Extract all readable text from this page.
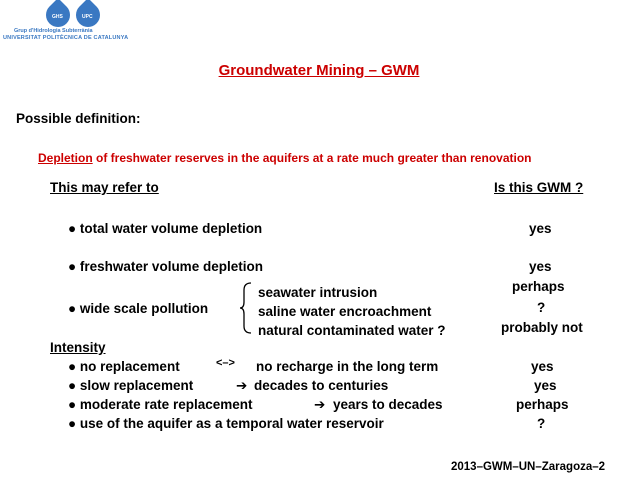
GHS	UPC
Grup d'Hidrologia Subterrània
UNIVERSITAT POLITÈCNICA DE CATALUNYA
Groundwater Mining – GWM
Possible definition:
Depletion of freshwater reserves in the aquifers at a rate much greater than renovation
This may refer to	Is this GWM ?
● total water volume depletion	yes
● freshwater volume depletion	yes
● wide scale pollution
seawater intrusion	perhaps
saline water encroachment	?
natural contaminated water ?	probably not
Intensity
● no replacement	<–> no recharge in the long term	yes
● slow replacement	➔ decades to centuries	yes
● moderate rate replacement	➔ years to decades	perhaps
● use of the aquifer as a temporal water reservoir	?
2013–GWM–UN–Zaragoza–2
